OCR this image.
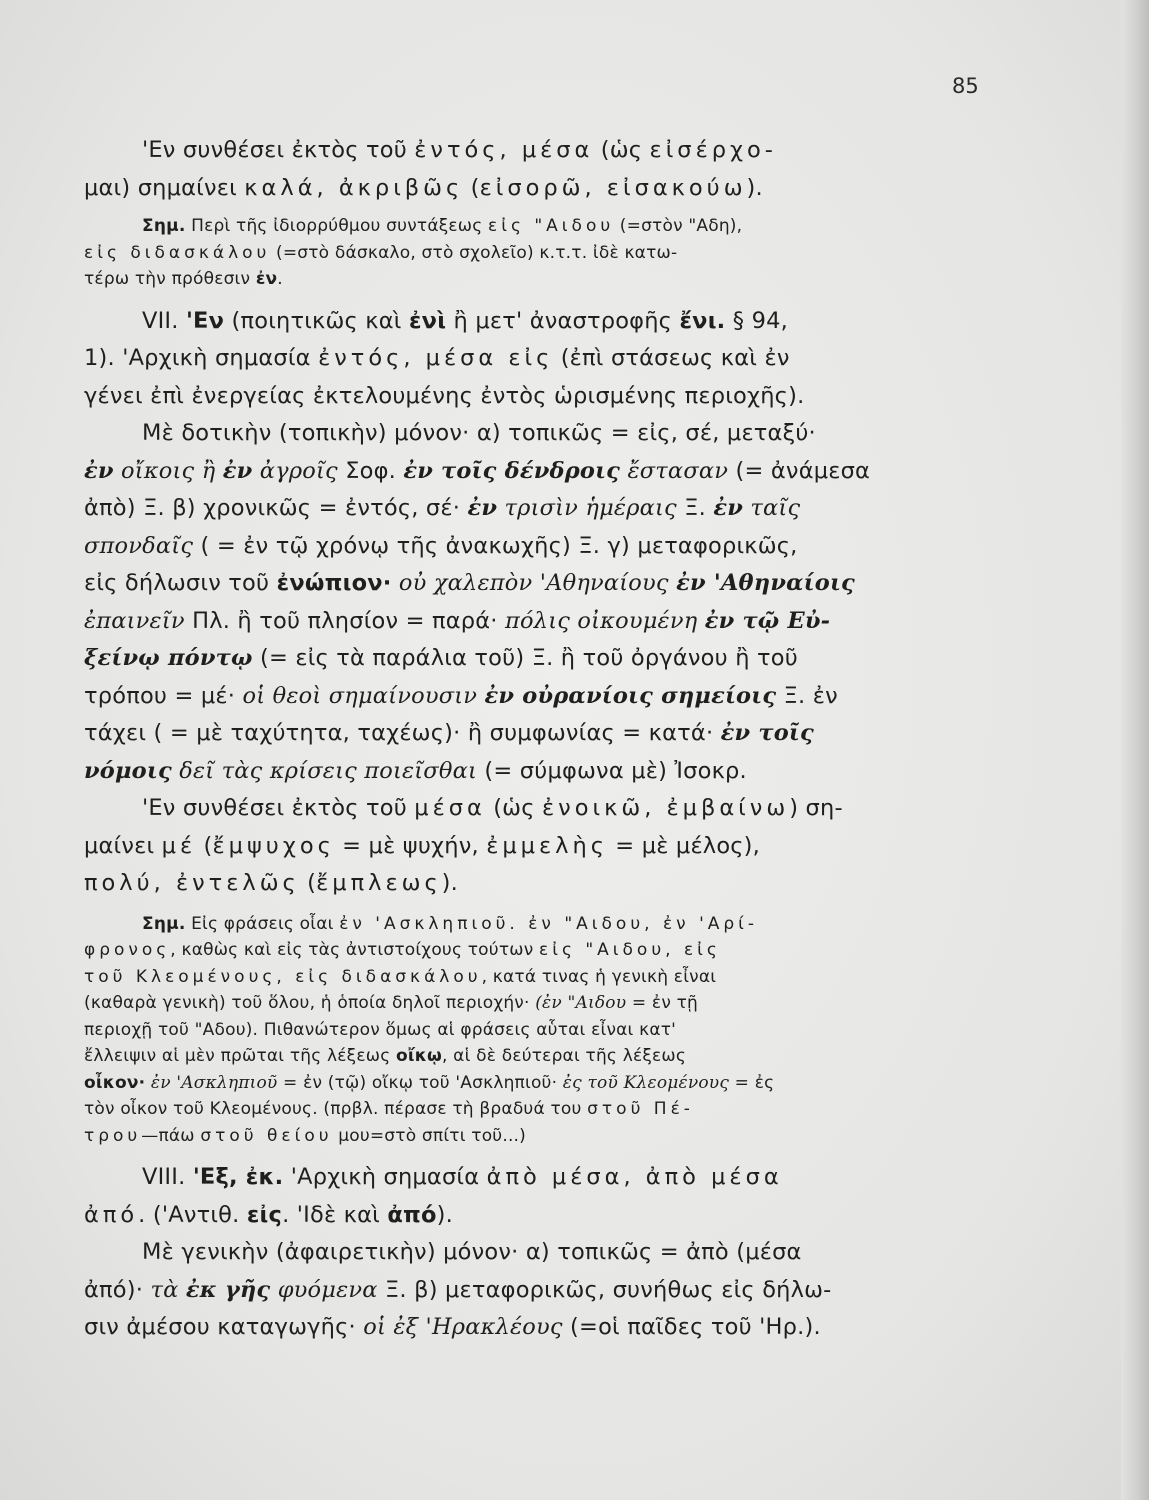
85
'Εν συνθέσει ἐκτὸς τοῦ ἐντός, μέσα (ὡς εἰσέρχο-
μαι) σημαίνει καλά, ἀκριβῶς (εἰσορῶ, εἰσακούω).
Σημ. Περὶ τῆς ἰδιορρύθμου συντάξεως εἰς "Αιδου (=στὸν "Αδη),
εἰς διδασκάλου (=στὸ δάσκαλο, στὸ σχολεῖο) κ.τ.τ. ἰδὲ κατω-
τέρω τὴν πρόθεσιν ἐν.
VII. 'Εν (ποιητικῶς καὶ ἐνὶ ἢ μετ' ἀναστροφῆς ἔνι. § 94,
1). 'Αρχικὴ σημασία ἐντός, μέσα εἰς (ἐπὶ στάσεως καὶ ἐν
γένει ἐπὶ ἐνεργείας ἐκτελουμένης ἐντὸς ὡρισμένης περιοχῆς).
Μὲ δοτικὴν (τοπικὴν) μόνον· α) τοπικῶς = εἰς, σέ, μεταξύ·
ἐν οἴκοις ἢ ἐν ἀγροῖς Σοφ. ἐν τοῖς δένδροις ἔστασαν (= ἀνάμεσα
ἀπὸ) Ξ. β) χρονικῶς = ἐντός, σέ· ἐν τρισὶν ἡμέραις Ξ. ἐν ταῖς
σπονδαῖς ( = ἐν τῷ χρόνῳ τῆς ἀνακωχῆς) Ξ. γ) μεταφορικῶς,
εἰς δήλωσιν τοῦ ἐνώπιον· οὐ χαλεπὸν 'Αθηναίους ἐν 'Αθηναίοις
ἐπαινεῖν Πλ. ἢ τοῦ πλησίον = παρά· πόλις οἰκουμένη ἐν τῷ Εὐ-
ξείνῳ πόντῳ (= εἰς τὰ παράλια τοῦ) Ξ. ἢ τοῦ ὀργάνου ἢ τοῦ
τρόπου = μέ· οἱ θεοὶ σημαίνουσιν ἐν οὐρανίοις σημείοις Ξ. ἐν
τάχει ( = μὲ ταχύτητα, ταχέως)· ἢ συμφωνίας = κατά· ἐν τοῖς
νόμοις δεῖ τὰς κρίσεις ποιεῖσθαι (= σύμφωνα μὲ) Ἰσοκρ.
'Εν συνθέσει ἐκτὸς τοῦ μέσα (ὡς ἐνοικῶ, ἐμβαίνω) ση-
μαίνει μέ (ἔμψυχος = μὲ ψυχήν, ἐμμελὴς = μὲ μέλος),
πολύ, ἐντελῶς (ἔμπλεως).
Σημ. Εἰς φράσεις οἷαι ἐν 'Ασκληπιοῦ. ἐν "Αιδου, ἐν 'Αρί-
φρονος, καθὼς καὶ εἰς τὰς ἀντιστοίχους τούτων εἰς "Αιδου, εἰς
τοῦ Κλεομένους, εἰς διδασκάλου, κατά τινας ἡ γενικὴ εἶναι
(καθαρὰ γενικὴ) τοῦ ὅλου, ἡ ὁποία δηλοῖ περιοχήν· (ἐν "Αιδου = ἐν τῇ
περιοχῇ τοῦ "Αδου). Πιθανώτερον ὅμως αἱ φράσεις αὗται εἶναι κατ'
ἔλλειψιν αἱ μὲν πρῶται τῆς λέξεως οἴκῳ, αἱ δὲ δεύτεραι τῆς λέξεως
οἶκον· ἐν 'Ασκληπιοῦ = ἐν (τῷ) οἴκῳ τοῦ 'Ασκληπιοῦ· ἐς τοῦ Κλεομένους = ἐς
τὸν οἶκον τοῦ Κλεομένους. (πρβλ. πέρασε τὴ βραδυά του στοῦ Πέ-
τρου—πάω στοῦ θείου μου=στὸ σπίτι τοῦ...)
VIII. 'Εξ, ἐκ. 'Αρχικὴ σημασία ἀπὸ μέσα, ἀπὸ μέσα
ἀπό. ('Αντιθ. εἰς. 'Ιδὲ καὶ ἀπό).
Μὲ γενικὴν (ἀφαιρετικὴν) μόνον· α) τοπικῶς = ἀπὸ (μέσα
ἀπό)· τὰ ἐκ γῆς φυόμενα Ξ. β) μεταφορικῶς, συνήθως εἰς δήλω-
σιν ἀμέσου καταγωγῆς· οἱ ἐξ 'Ηρακλέους (=οἱ παῖδες τοῦ 'Ηρ.).
